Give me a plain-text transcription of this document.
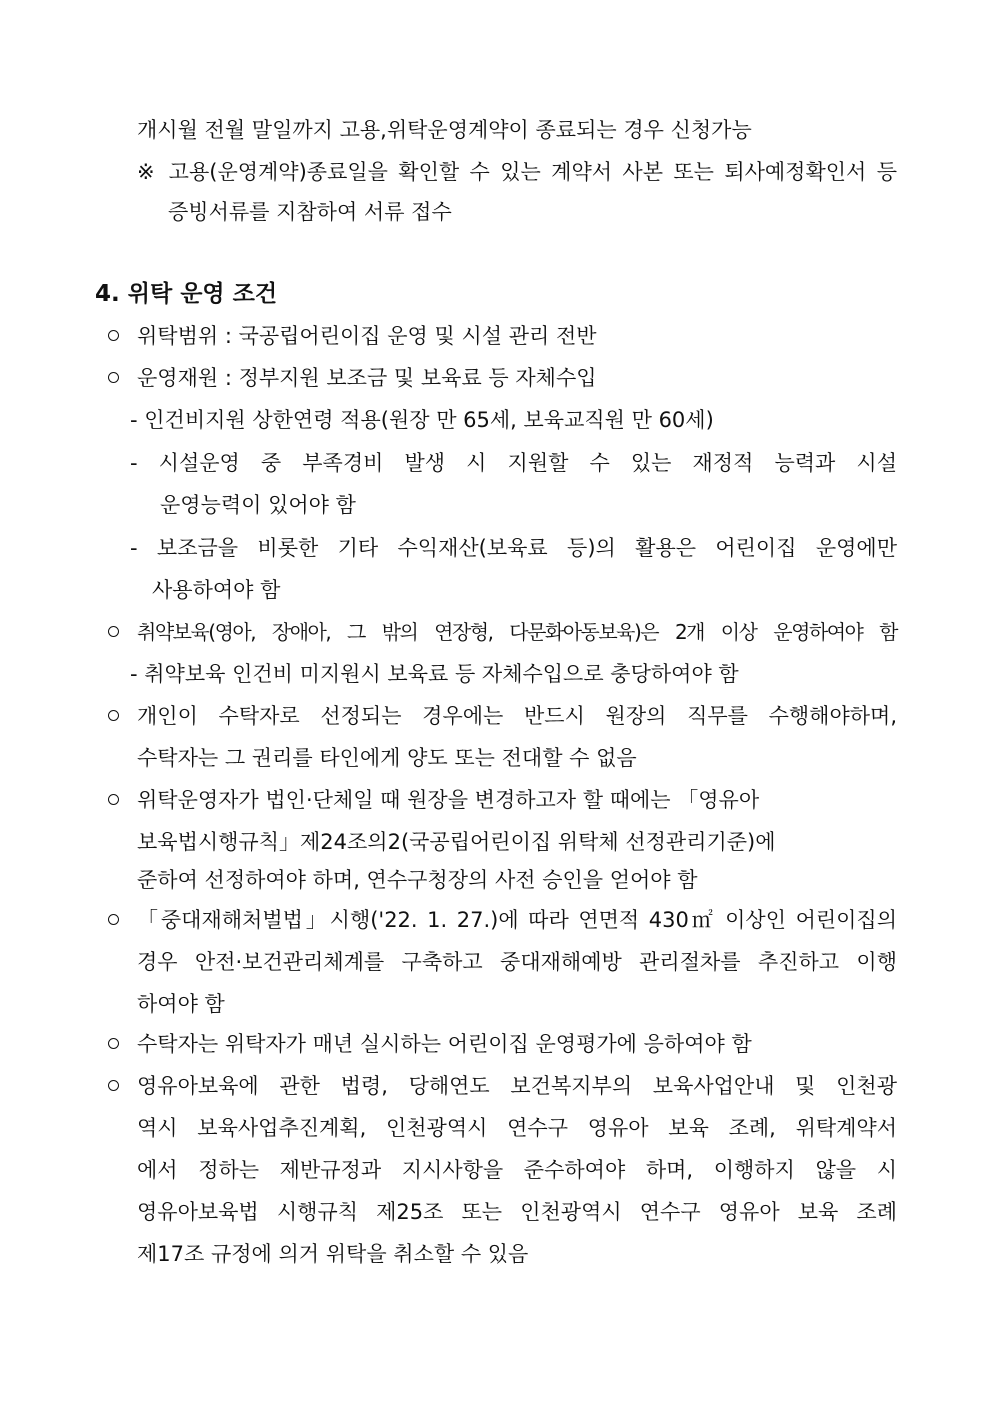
개시월 전월 말일까지 고용,위탁운영계약이 종료되는 경우 신청가능
※ 고용(운영계약)종료일을 확인할 수 있는 계약서 사본 또는 퇴사예정확인서 등
증빙서류를 지참하여 서류 접수
4. 위탁 운영 조건
위탁범위 : 국공립어린이집 운영 및 시설 관리 전반
운영재원 : 정부지원 보조금 및 보육료 등 자체수입
- 인건비지원 상한연령 적용(원장 만 65세, 보육교직원 만 60세)
- 시설운영 중 부족경비 발생 시 지원할 수 있는 재정적 능력과 시설
운영능력이 있어야 함
- 보조금을 비롯한 기타 수익재산(보육료 등)의 활용은 어린이집 운영에만
사용하여야 함
취약보육(영아, 장애아, 그 밖의 연장형, 다문화아동보육)은 2개 이상 운영하여야 함
- 취약보육 인건비 미지원시 보육료 등 자체수입으로 충당하여야 함
개인이 수탁자로 선정되는 경우에는 반드시 원장의 직무를 수행해야하며,
수탁자는 그 권리를 타인에게 양도 또는 전대할 수 없음
위탁운영자가 법인·단체일 때 원장을 변경하고자 할 때에는 「영유아
보육법시행규칙」제24조의2(국공립어린이집 위탁체 선정관리기준)에
준하여 선정하여야 하며, 연수구청장의 사전 승인을 얻어야 함
「중대재해처벌법」시행('22. 1. 27.)에 따라 연면적 430㎡ 이상인 어린이집의
경우 안전·보건관리체계를 구축하고 중대재해예방 관리절차를 추진하고 이행
하여야 함
수탁자는 위탁자가 매년 실시하는 어린이집 운영평가에 응하여야 함
영유아보육에 관한 법령, 당해연도 보건복지부의 보육사업안내 및 인천광
역시 보육사업추진계획, 인천광역시 연수구 영유아 보육 조례, 위탁계약서
에서 정하는 제반규정과 지시사항을 준수하여야 하며, 이행하지 않을 시
영유아보육법 시행규칙 제25조 또는 인천광역시 연수구 영유아 보육 조례
제17조 규정에 의거 위탁을 취소할 수 있음
